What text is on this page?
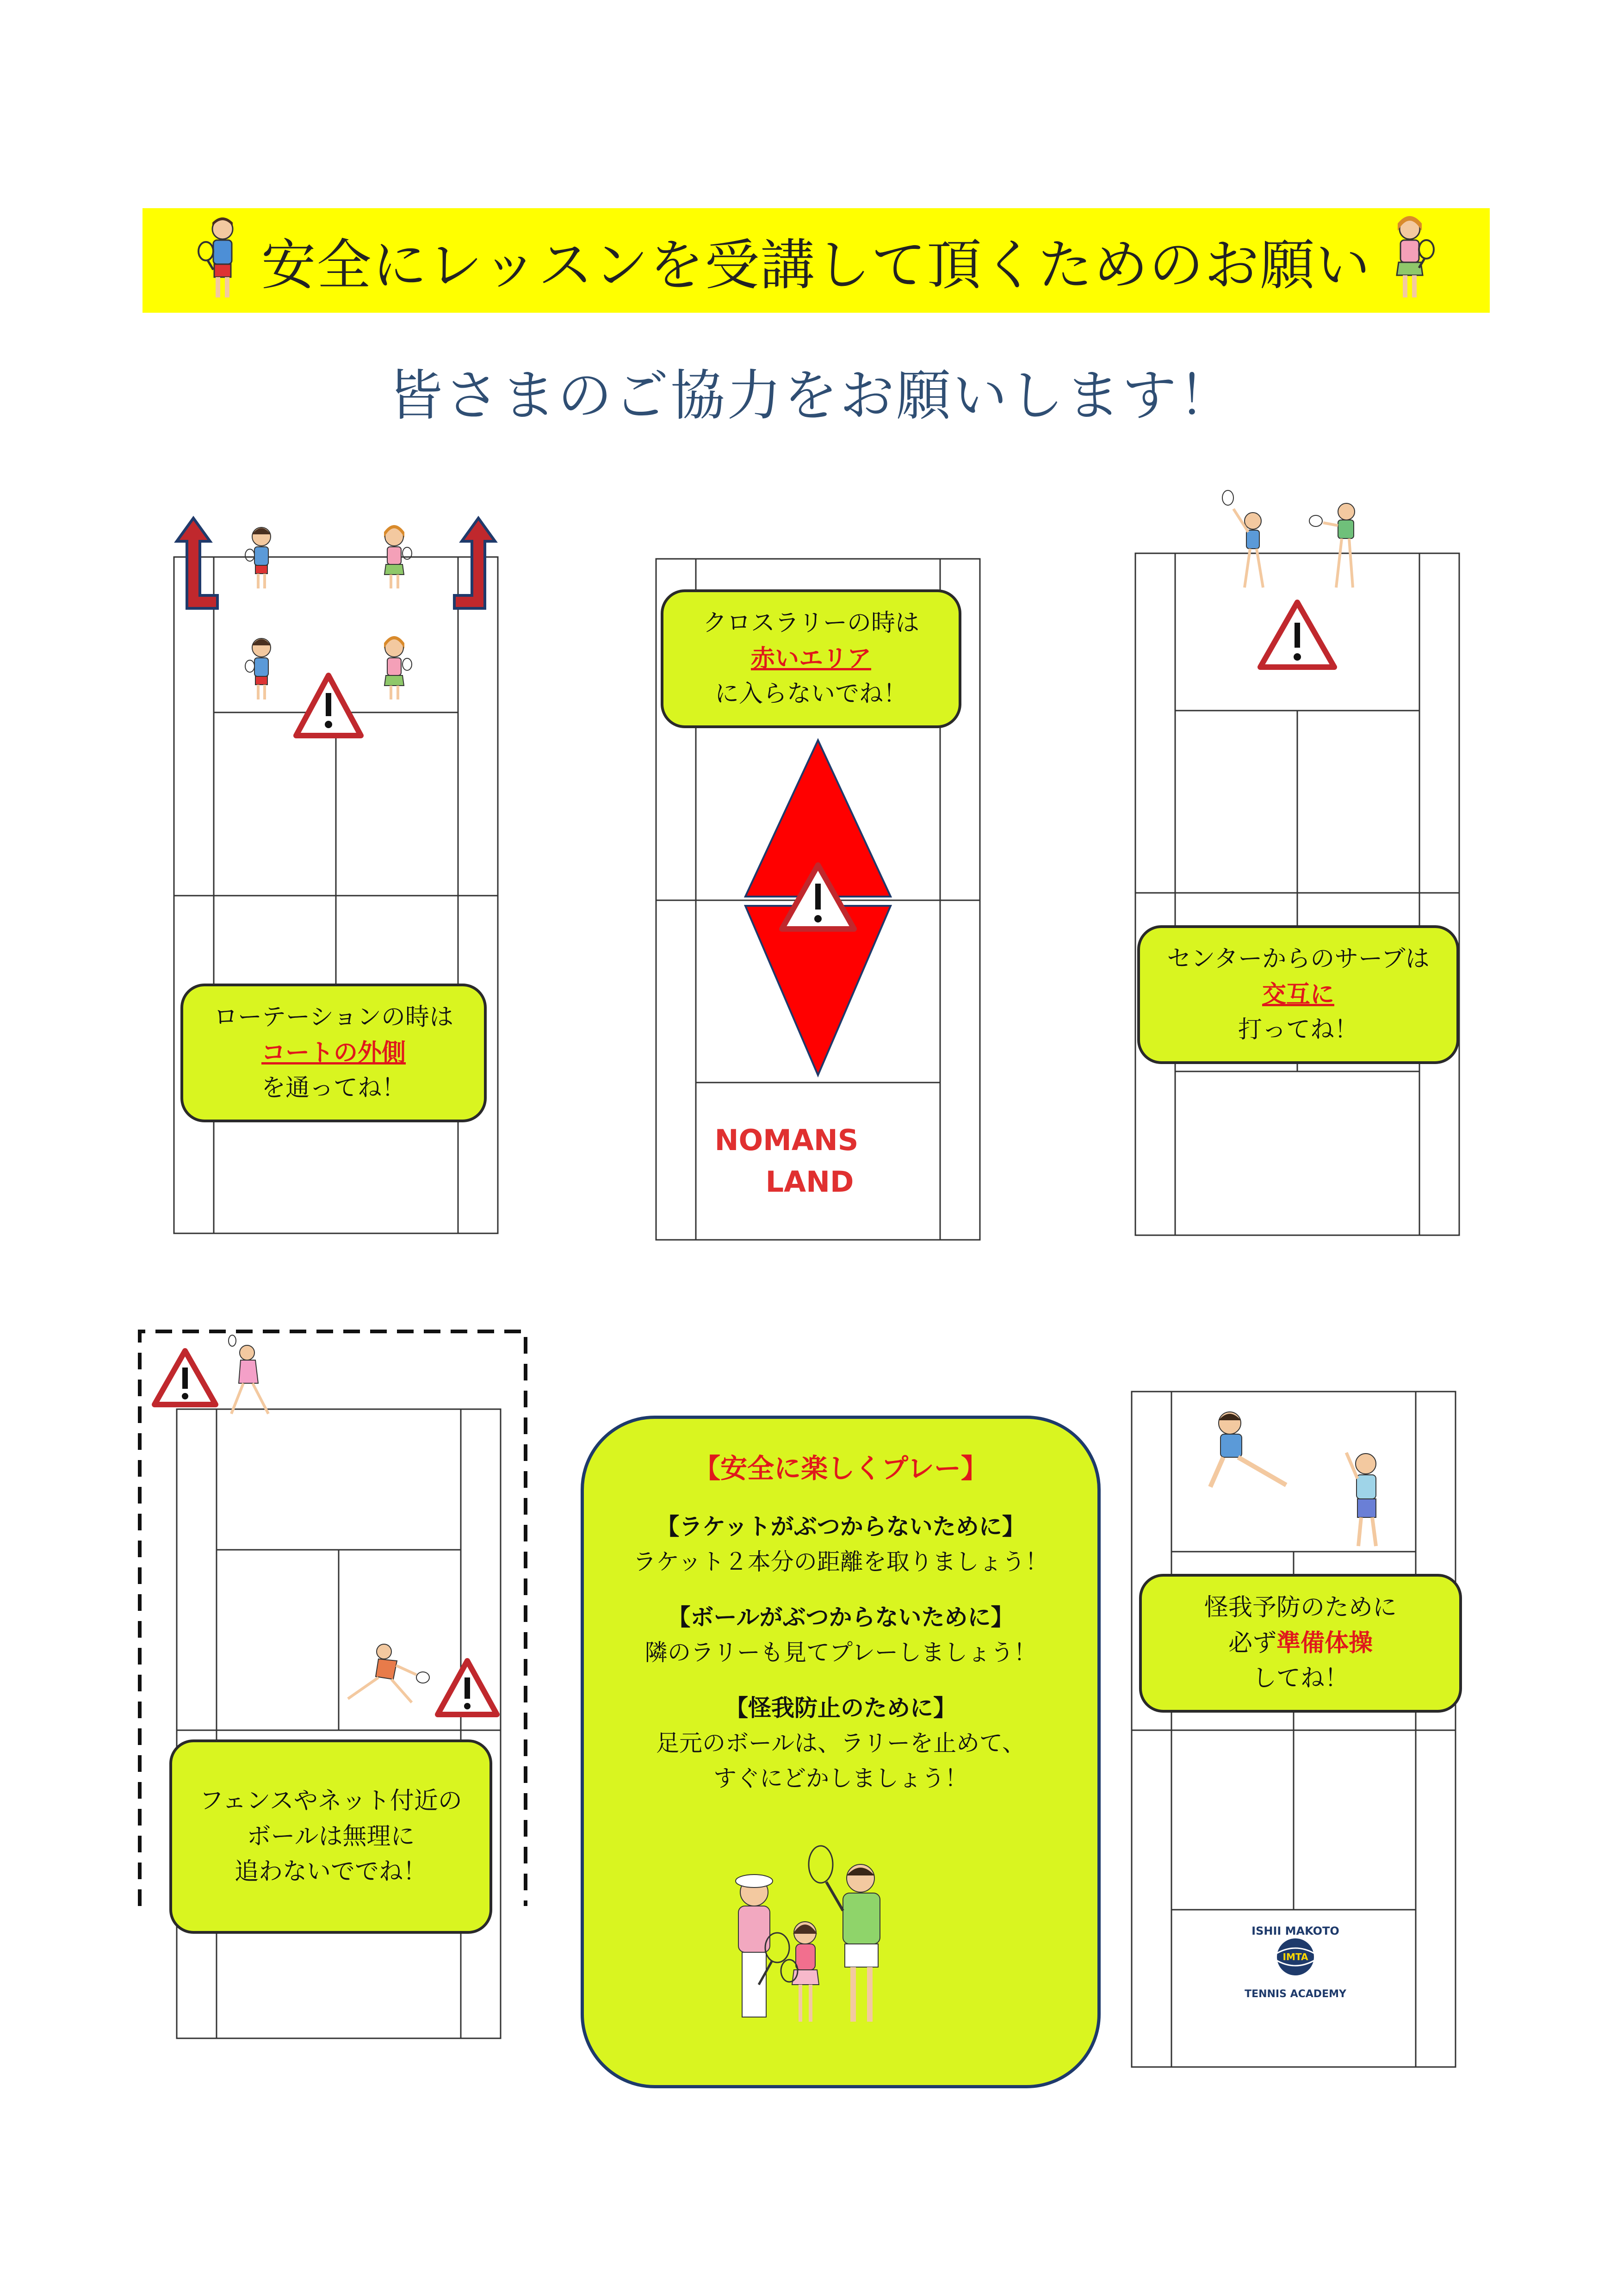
安全にレッスンを受講して頂くためのお願い
皆さまのご協力をお願いします！
ローテーションの時は
コートの外側
を通ってね！
クロスラリーの時は
赤いエリア
に入らないでね！
NOMANS
LAND
センターからのサーブは
交互に
打ってね！
フェンスやネット付近の
ボールは無理に
追わないででね！
【安全に楽しくプレー】
【ラケットがぶつからないために】
ラケット２本分の距離を取りましょう！
【ボールがぶつからないために】
隣のラリーも見てプレーしましょう！
【怪我防止のために】
足元のボールは、ラリーを止めて、すぐにどかしましょう！
ISHII MAKOTO
IMTA
TENNIS ACADEMY
怪我予防のために
必ず準備体操
してね！
